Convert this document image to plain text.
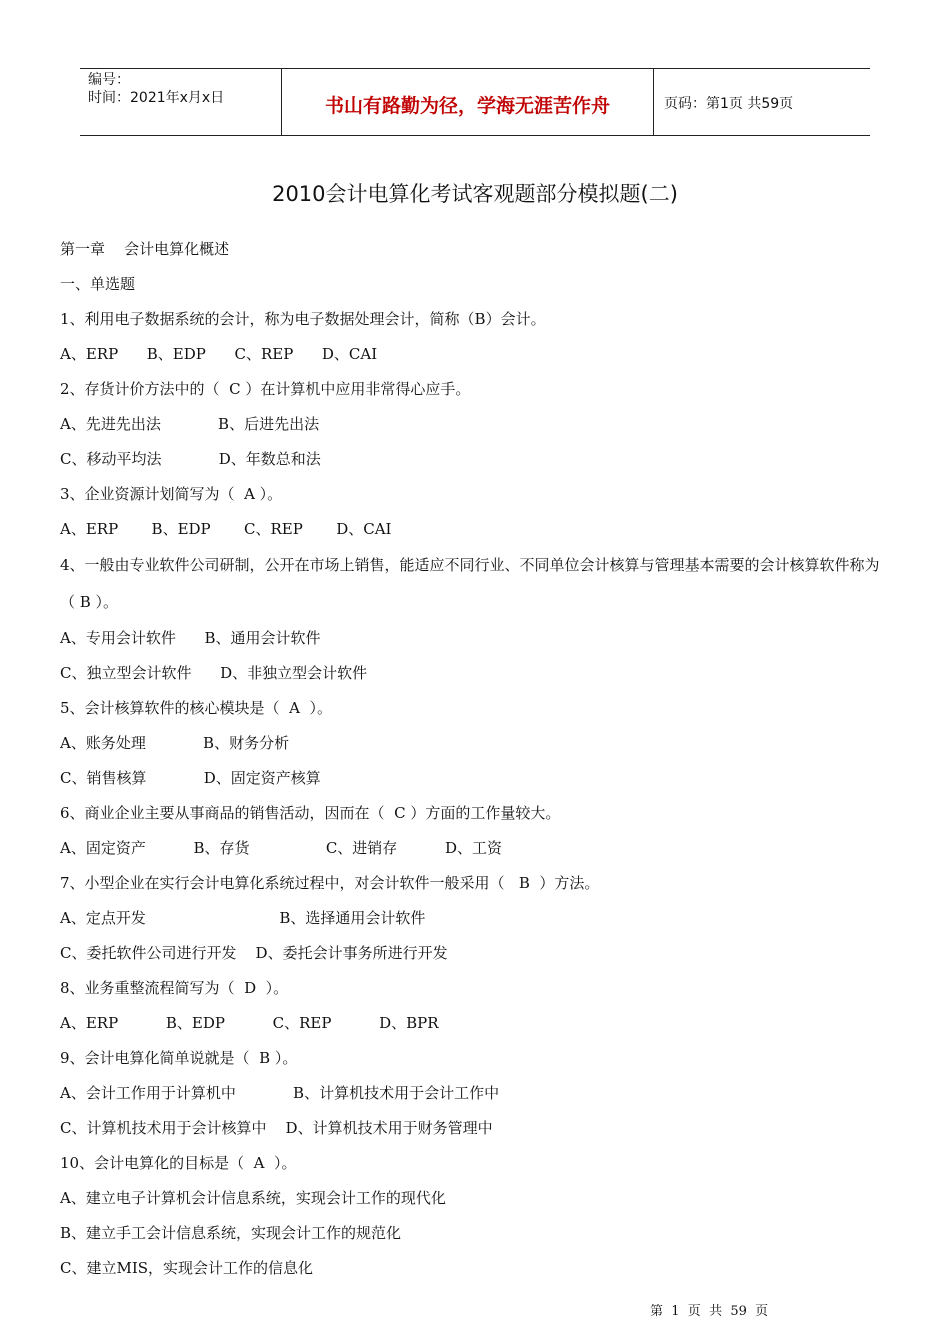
编号：
时间：2021年x月x日	书山有路勤为径，学海无涯苦作舟	页码：第1页 共59页
2010会计电算化考试客观题部分模拟题(二)
第一章    会计电算化概述
一、单选题
1、利用电子数据系统的会计，称为电子数据处理会计，简称（B）会计。
A、ERP      B、EDP      C、REP      D、CAI
2、存货计价方法中的（  C ）在计算机中应用非常得心应手。
A、先进先出法            B、后进先出法
C、移动平均法            D、年数总和法
3、企业资源计划简写为（  A ）。
A、ERP       B、EDP       C、REP       D、CAI
4、一般由专业软件公司研制，公开在市场上销售，能适应不同行业、不同单位会计核算与管理基本需要的会计核算软件称为（ B ）。
A、专用会计软件      B、通用会计软件
C、独立型会计软件      D、非独立型会计软件
5、会计核算软件的核心模块是（  A  ）。
A、账务处理            B、财务分析
C、销售核算            D、固定资产核算
6、商业企业主要从事商品的销售活动，因而在（  C ）方面的工作量较大。
A、固定资产          B、存货                C、进销存          D、工资
7、小型企业在实行会计电算化系统过程中，对会计软件一般采用（   B  ）方法。
A、定点开发                            B、选择通用会计软件
C、委托软件公司进行开发    D、委托会计事务所进行开发
8、业务重整流程简写为（  D  ）。
A、ERP          B、EDP          C、REP          D、BPR
9、会计电算化简单说就是（  B ）。
A、会计工作用于计算机中            B、计算机技术用于会计工作中
C、计算机技术用于会计核算中    D、计算机技术用于财务管理中
10、会计电算化的目标是（  A  ）。
A、建立电子计算机会计信息系统，实现会计工作的现代化
B、建立手工会计信息系统，实现会计工作的规范化
C、建立MIS，实现会计工作的信息化
第  1  页  共  59  页
